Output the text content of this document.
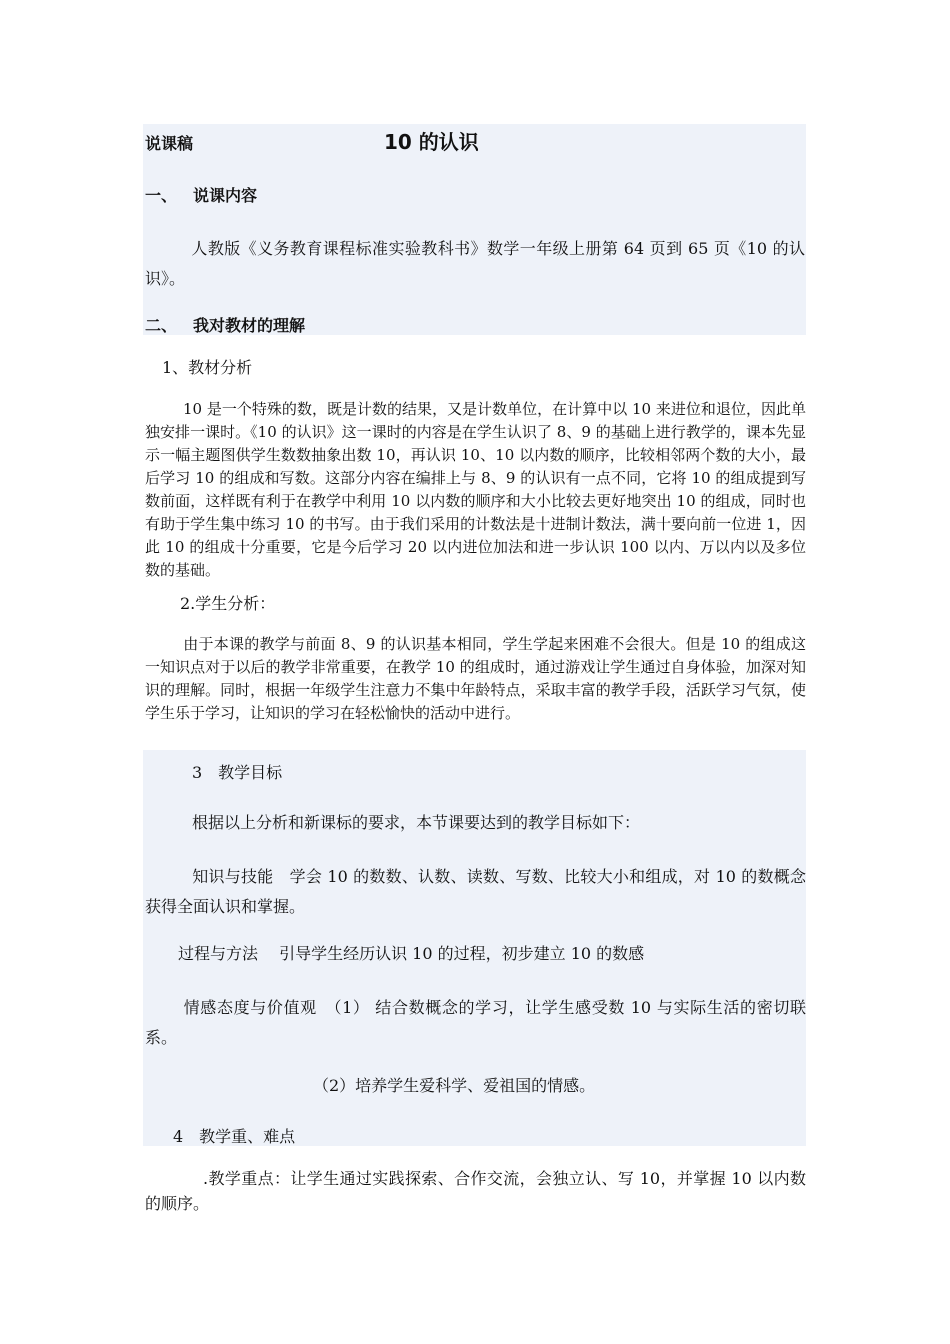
说课稿	10 的认识
一、 说课内容
人教版《义务教育课程标准实验教科书》数学一年级上册第 64 页到 65 页《10 的认识》。
二、 我对教材的理解
1、教材分析
10 是一个特殊的数，既是计数的结果，又是计数单位，在计算中以 10 来进位和退位，因此单独安排一课时。《10 的认识》这一课时的内容是在学生认识了 8、9 的基础上进行教学的，课本先显示一幅主题图供学生数数抽象出数 10，再认识 10、10 以内数的顺序，比较相邻两个数的大小，最后学习 10 的组成和写数。这部分内容在编排上与 8、9 的认识有一点不同，它将 10 的组成提到写数前面，这样既有利于在教学中利用 10 以内数的顺序和大小比较去更好地突出 10 的组成，同时也有助于学生集中练习 10 的书写。由于我们采用的计数法是十进制计数法，满十要向前一位进 1，因此 10 的组成十分重要，它是今后学习 20 以内进位加法和进一步认识 100 以内、万以内以及多位数的基础。
2.学生分析：
由于本课的教学与前面 8、9 的认识基本相同，学生学起来困难不会很大。但是 10 的组成这一知识点对于以后的教学非常重要，在教学 10 的组成时，通过游戏让学生通过自身体验，加深对知识的理解。同时，根据一年级学生注意力不集中年龄特点，采取丰富的教学手段，活跃学习气氛，使学生乐于学习，让知识的学习在轻松愉快的活动中进行。
3　教学目标
根据以上分析和新课标的要求，本节课要达到的教学目标如下：
知识与技能　学会 10 的数数、认数、读数、写数、比较大小和组成，对 10 的数概念获得全面认识和掌握。
过程与方法　 引导学生经历认识 10 的过程，初步建立 10 的数感
情感态度与价值观　（1） 结合数概念的学习，让学生感受数 10 与实际生活的密切联系。
（2）培养学生爱科学、爱祖国的情感。
4　教学重、难点
.教学重点：让学生通过实践探索、合作交流，会独立认、写 10，并掌握 10 以内数的顺序。
